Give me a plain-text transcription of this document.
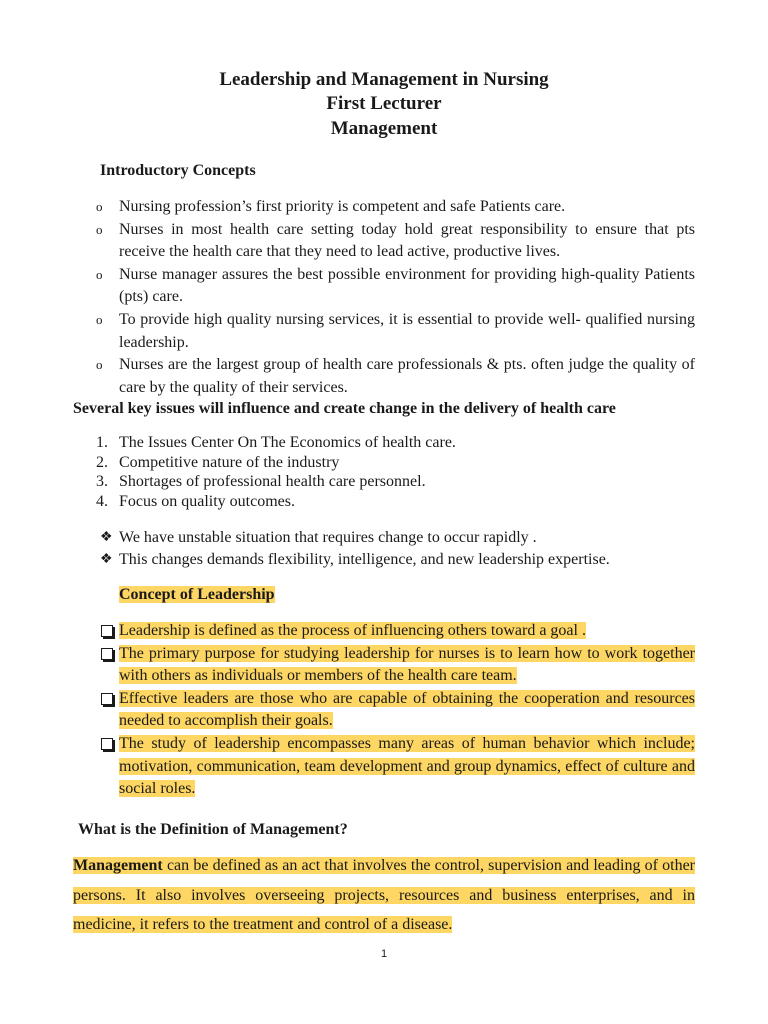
Leadership and Management in Nursing
First Lecturer
Management
Introductory Concepts
o Nursing profession’s first priority is competent and safe Patients care.
o Nurses in most health care setting today hold great responsibility to ensure that pts receive the health care that they need to lead active, productive lives.
o Nurse manager assures the best possible environment for providing high-quality Patients (pts) care.
o To provide high quality nursing services, it is essential to provide well- qualified nursing leadership.
o Nurses are the largest group of health care professionals & pts. often judge the quality of care by the quality of their services.
Several key issues will influence and create change in the delivery of health care
1. The Issues Center On The Economics of health care.
2. Competitive nature of the industry
3. Shortages of professional health care personnel.
4. Focus on quality outcomes.
❖ We have unstable situation that requires change to occur rapidly .
❖ This changes demands flexibility, intelligence, and new leadership expertise.
Concept of Leadership
Leadership is defined as the process of influencing others toward a goal .
The primary purpose for studying leadership for nurses is to learn how to work together with others as individuals or members of the health care team.
Effective leaders are those who are capable of obtaining the cooperation and resources needed to accomplish their goals.
The study of leadership encompasses many areas of human behavior which include; motivation, communication, team development and group dynamics, effect of culture and social roles.
What is the Definition of Management?
Management can be defined as an act that involves the control, supervision and leading of other persons. It also involves overseeing projects, resources and business enterprises, and in medicine, it refers to the treatment and control of a disease.
1
